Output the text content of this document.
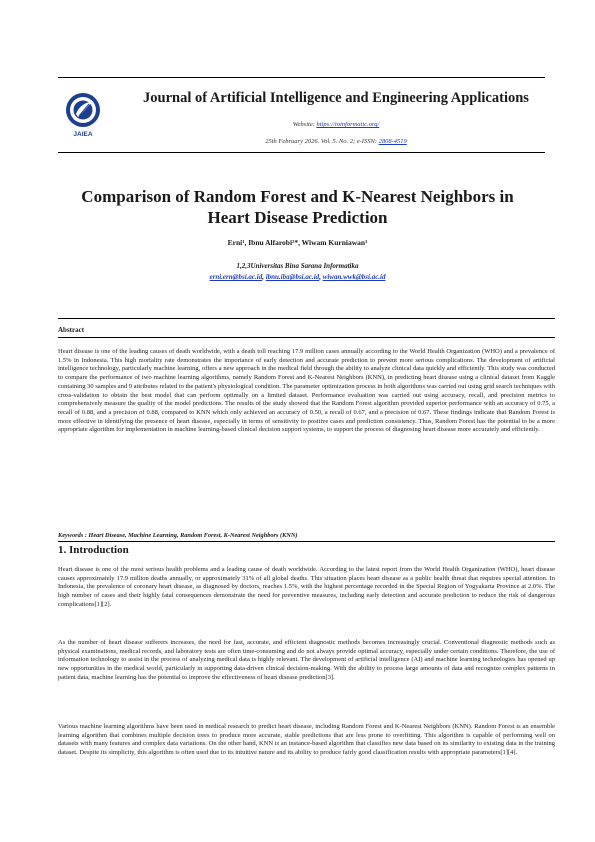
JAIEA
Journal of Artificial Intelligence and Engineering Applications
Website: https://ioinformatic.org/
25th February 2026. Vol. 5. No. 2; e-ISSN: 2808-4519
Comparison of Random Forest and K-Nearest Neighbors in Heart Disease Prediction
Erni¹, Ibnu Alfarobi²*, Wiwam Kurniawan³
1,2,3Universitas Bina Sarana Informatika
erni.ern@bsi.ac.id, ibnu.iba@bsi.ac.id, wiwan.wwk@bsi.ac.id
Abstract
Heart disease is one of the leading causes of death worldwide, with a death toll reaching 17.9 million cases annually according to the World Health Organization (WHO) and a prevalence of 1.5% in Indonesia. This high mortality rate demonstrates the importance of early detection and accurate prediction to prevent more serious complications. The development of artificial intelligence technology, particularly machine learning, offers a new approach in the medical field through the ability to analyze clinical data quickly and efficiently. This study was conducted to compare the performance of two machine learning algorithms, namely Random Forest and K-Nearest Neighbors (KNN), in predicting heart disease using a clinical dataset from Kaggle containing 30 samples and 9 attributes related to the patient's physiological condition. The parameter optimization process in both algorithms was carried out using grid search techniques with cross-validation to obtain the best model that can perform optimally on a limited dataset. Performance evaluation was carried out using accuracy, recall, and precision metrics to comprehensively measure the quality of the model predictions. The results of the study showed that the Random Forest algorithm provided superior performance with an accuracy of 0.75, a recall of 0.88, and a precision of 0.88, compared to KNN which only achieved an accuracy of 0.50, a recall of 0.67, and a precision of 0.67. These findings indicate that Random Forest is more effective in identifying the presence of heart disease, especially in terms of sensitivity to positive cases and prediction consistency. Thus, Random Forest has the potential to be a more appropriate algorithm for implementation in machine learning-based clinical decision support systems, to support the process of diagnosing heart disease more accurately and efficiently.
Keywords : Heart Disease, Machine Learning, Random Forest, K-Nearest Neighbors (KNN)
1. Introduction
Heart disease is one of the most serious health problems and a leading cause of death worldwide. According to the latest report from the World Health Organization (WHO), heart disease causes approximately 17.9 million deaths annually, or approximately 31% of all global deaths. This situation places heart disease as a public health threat that requires special attention. In Indonesia, the prevalence of coronary heart disease, as diagnosed by doctors, reaches 1.5%, with the highest percentage recorded in the Special Region of Yogyakarta Province at 2.0%. The high number of cases and their highly fatal consequences demonstrate the need for preventive measures, including early detection and accurate prediction to reduce the risk of dangerous complications[1][2].
As the number of heart disease sufferers increases, the need for fast, accurate, and efficient diagnostic methods becomes increasingly crucial. Conventional diagnostic methods such as physical examinations, medical records, and laboratory tests are often time-consuming and do not always provide optimal accuracy, especially under certain conditions. Therefore, the use of information technology to assist in the process of analyzing medical data is highly relevant. The development of artificial intelligence (AI) and machine learning technologies has opened up new opportunities in the medical world, particularly in supporting data-driven clinical decision-making. With the ability to process large amounts of data and recognize complex patterns in patient data, machine learning has the potential to improve the effectiveness of heart disease prediction[3].
Various machine learning algorithms have been used in medical research to predict heart disease, including Random Forest and K-Nearest Neighbors (KNN). Random Forest is an ensemble learning algorithm that combines multiple decision trees to produce more accurate, stable predictions that are less prone to overfitting. This algorithm is capable of performing well on datasets with many features and complex data variations. On the other hand, KNN is an instance-based algorithm that classifies new data based on its similarity to existing data in the training dataset. Despite its simplicity, this algorithm is often used due to its intuitive nature and its ability to produce fairly good classification results with appropriate parameters[1][4].
